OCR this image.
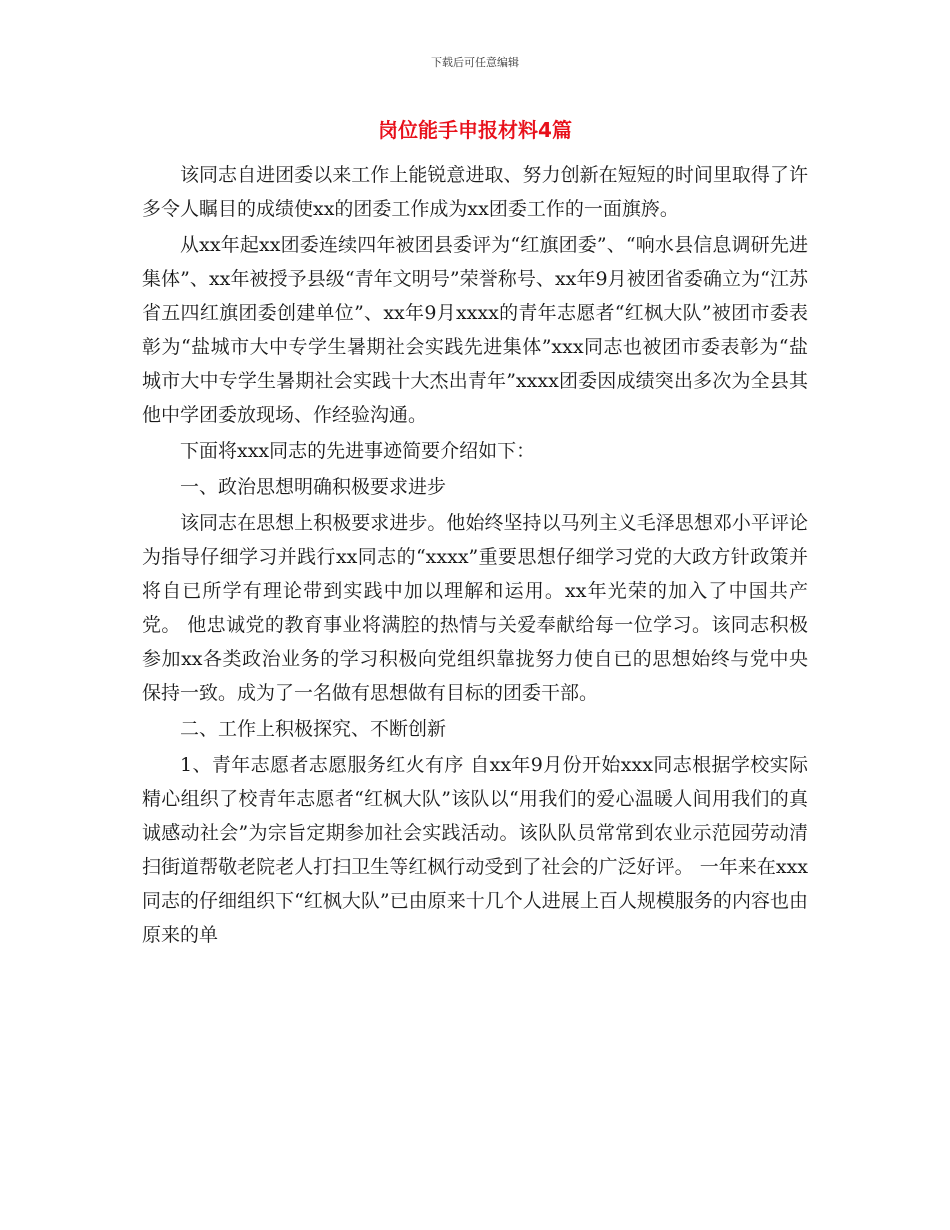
下载后可任意编辑
岗位能手申报材料4篇

该同志自进团委以来工作上能锐意进取、努力创新在短短的时间里取得了许多令人瞩目的成绩使xx的团委工作成为xx团委工作的一面旗旍。

从xx年起xx团委连续四年被团县委评为“红旗团委”、“响水县信息调研先进集体”、xx年被授予县级“青年文明号”荣誉称号、xx年9月被团省委确立为“江苏省五四红旗团委创建单位”、xx年9月xxxx的青年志愿者“红枫大队”被团市委表彰为“盐城市大中专学生暑期社会实践先进集体”xxx同志也被团市委表彰为“盐城市大中专学生暑期社会实践十大杰出青年”xxxx团委因成绩突出多次为全县其他中学团委放现场、作经验沟通。

下面将xxx同志的先进事迹简要介绍如下：

一、政治思想明确积极要求进步

该同志在思想上积极要求进步。他始终坚持以马列主义毛泽思想邓小平评论为指导仔细学习并践行xx同志的“xxxx”重要思想仔细学习党的大政方针政策并将自已所学有理论带到实践中加以理解和运用。xx年光荣的加入了中国共产党。 他忠诚党的教育事业将满腔的热情与关爱奉献给每一位学习。该同志积极参加xx各类政治业务的学习积极向党组织靠拢努力使自已的思想始终与党中央保持一致。成为了一名做有思想做有目标的团委干部。

二、工作上积极探究、不断创新

1、青年志愿者志愿服务红火有序 自xx年9月份开始xxx同志根据学校实际精心组织了校青年志愿者“红枫大队”该队以“用我们的爱心温暖人间用我们的真诚感动社会”为宗旨定期参加社会实践活动。该队队员常常到农业示范园劳动清扫街道帮敬老院老人打扫卫生等红枫行动受到了社会的广泛好评。 一年来在xxx同志的仔细组织下“红枫大队”已由原来十几个人进展上百人规模服务的内容也由原来的单
